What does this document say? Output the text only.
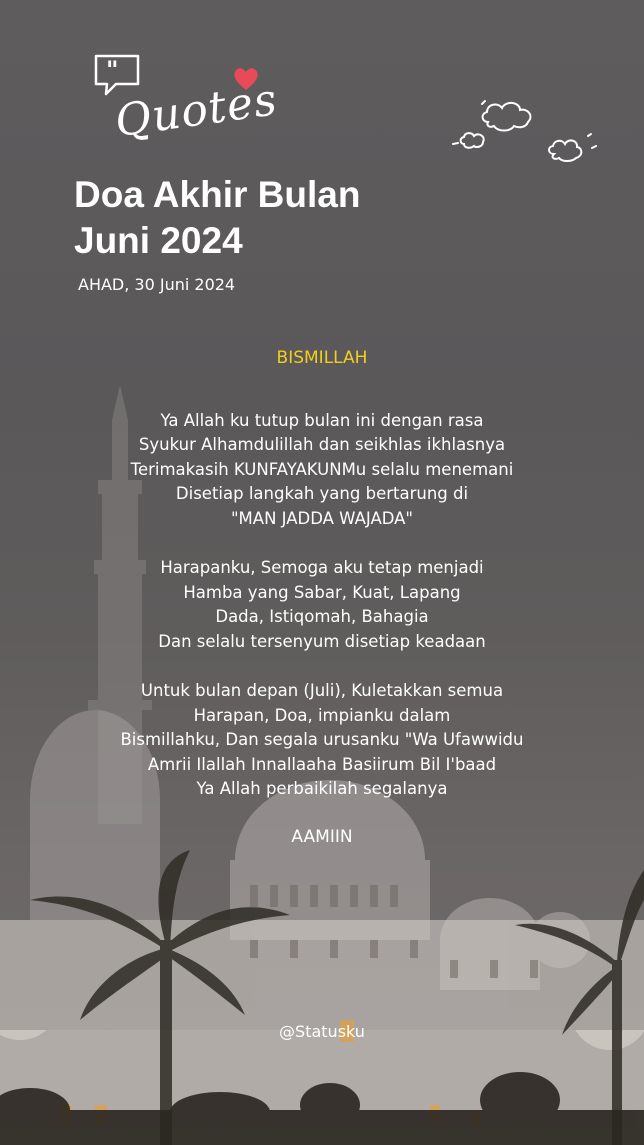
"
Quotes
Doa Akhir Bulan
Juni 2024
AHAD, 30 Juni 2024
BISMILLAH
Ya Allah ku tutup bulan ini dengan rasa
Syukur Alhamdulillah dan seikhlas ikhlasnya
Terimakasih KUNFAYAKUNMu selalu menemani
Disetiap langkah yang bertarung di
"MAN JADDA WAJADA"
Harapanku, Semoga aku tetap menjadi
Hamba yang Sabar, Kuat, Lapang
Dada, Istiqomah, Bahagia
Dan selalu tersenyum disetiap keadaan
Untuk bulan depan (Juli), Kuletakkan semua
Harapan, Doa, impianku dalam
Bismillahku, Dan segala urusanku "Wa Ufawwidu
Amrii Ilallah Innallaaha Basiirum Bil I'baad
Ya Allah perbaikilah segalanya
AAMIIN
@Statusku
